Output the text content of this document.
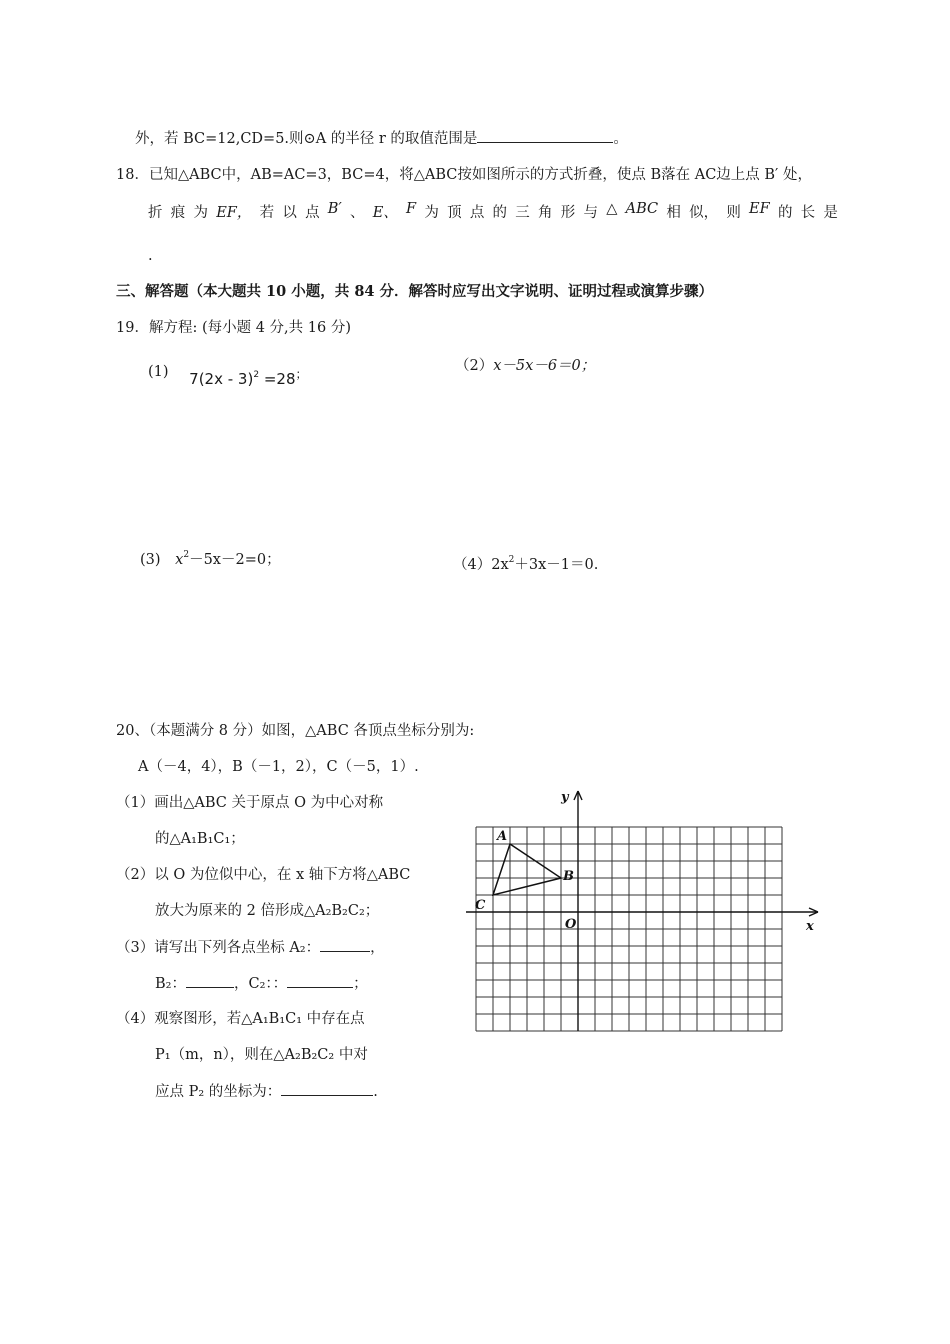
外，若 BC=12,CD=5.则⊙A 的半径 r 的取值范围是	。
18．已知△ABC中，AB=AC=3，BC=4，将△ABC按如图所示的方式折叠，使点 B落在 AC边上点 B′ 处，
折 痕 为 EF， 若 以 点 B′ 、 E、 F 为 顶 点 的 三 角 形 与 △ ABC 相 似， 则 EF 的 长 是
.
三、解答题（本大题共 10 小题，共 84 分．解答时应写出文字说明、证明过程或演算步骤）
19．解方程: (每小题 4 分,共 16 分)
(1) 7(2x - 3)$^2$ =28；	（2）x－5x－6＝0；
(3) $x^2-5x-2=0$；	$(4)2x^2+3x-1=0$.
20、（本题满分 8 分）如图，△ABC 各顶点坐标分别为:
A（－4，4），B（－1，2），C（－5，1）.
（1）画出△ABC 关于原点 O 为中心对称
的△A₁B₁C₁；
（2）以 O 为位似中心，在 x 轴下方将△ABC
放大为原来的 2 倍形成△A₂B₂C₂；
（3）请写出下列各点坐标 A₂：	，
B₂：	，C₂：：	；
（4）观察图形，若△A₁B₁C₁ 中存在点
P₁（m，n），则在△A₂B₂C₂ 中对
应点 P₂ 的坐标为：	.
A
B
C
O	x
y
